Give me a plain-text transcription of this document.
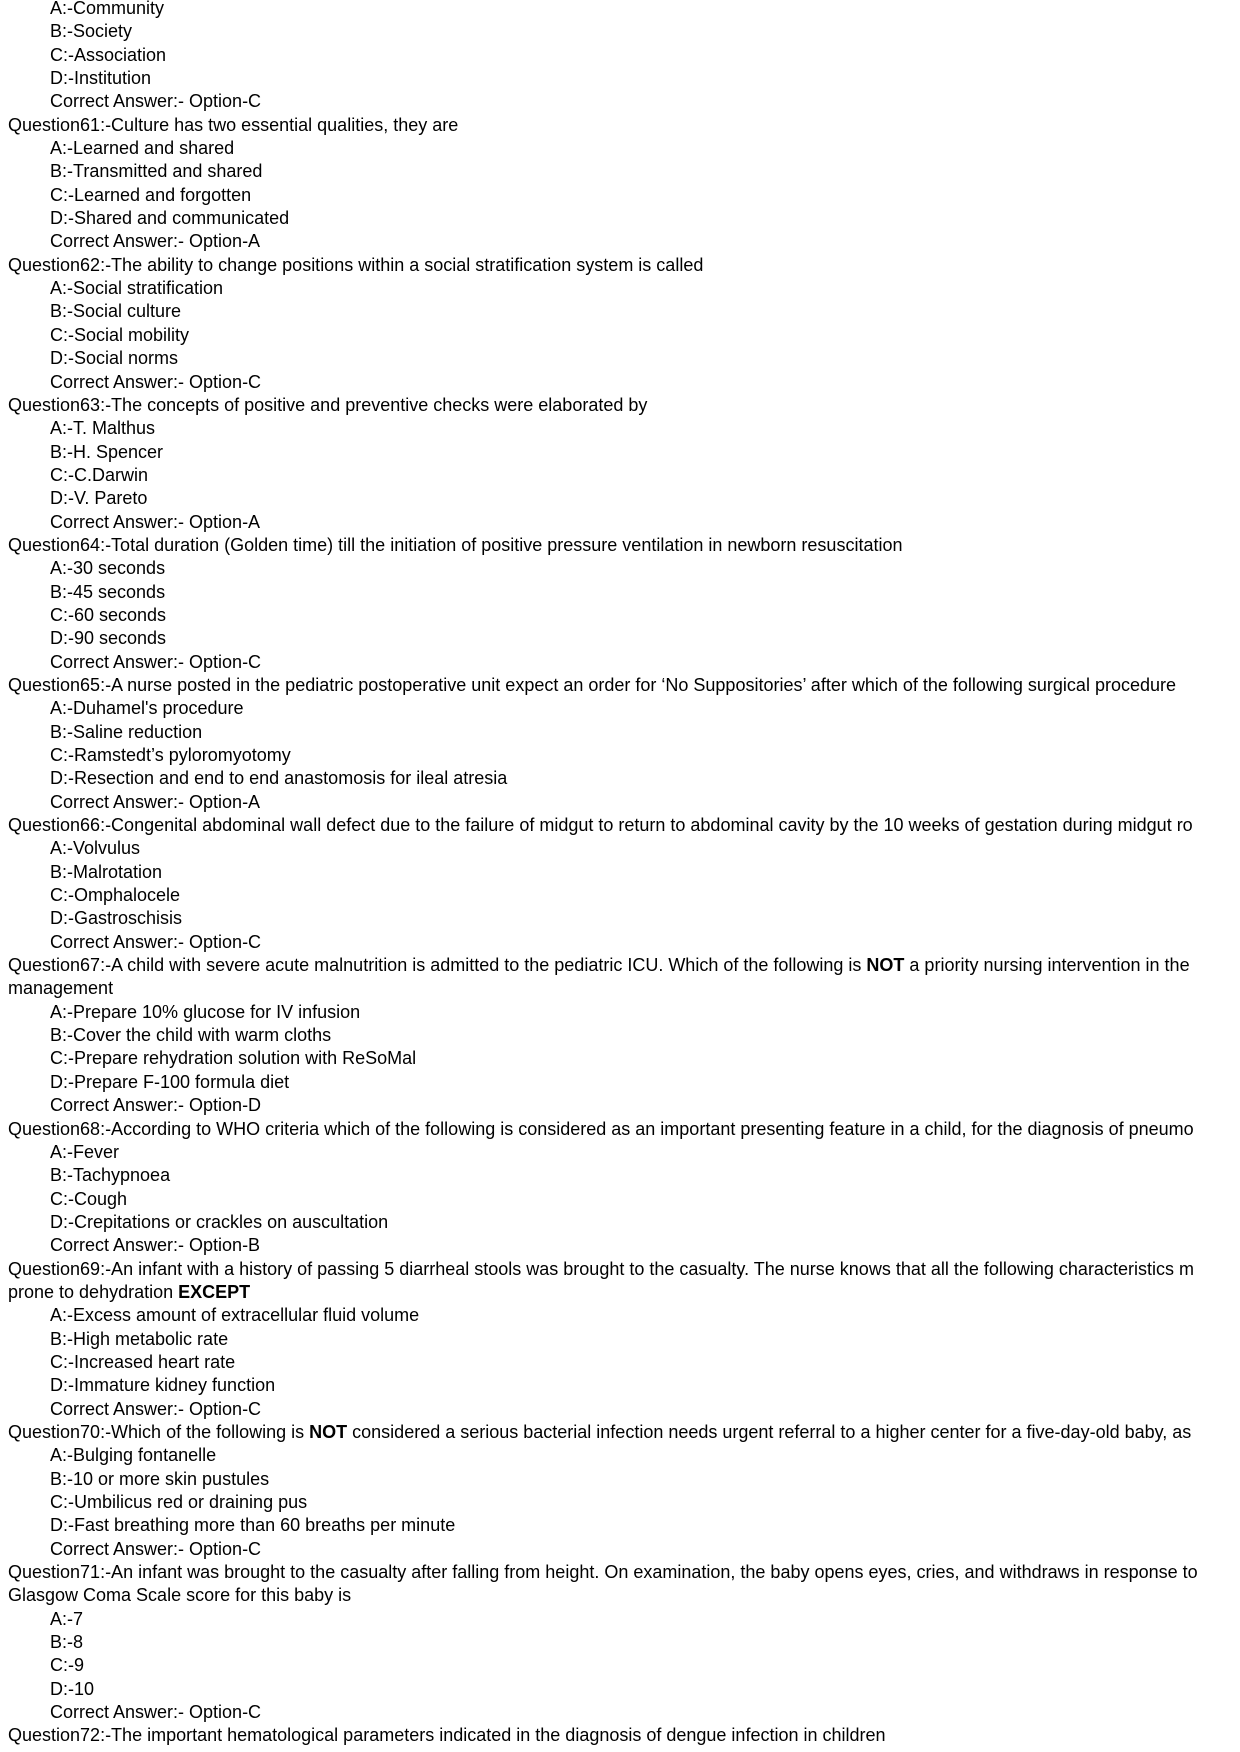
A:-Community
B:-Society
C:-Association
D:-Institution
Correct Answer:- Option-C
Question61:-Culture has two essential qualities, they are
A:-Learned and shared
B:-Transmitted and shared
C:-Learned and forgotten
D:-Shared and communicated
Correct Answer:- Option-A
Question62:-The ability to change positions within a social stratification system is called
A:-Social stratification
B:-Social culture
C:-Social mobility
D:-Social norms
Correct Answer:- Option-C
Question63:-The concepts of positive and preventive checks were elaborated by
A:-T. Malthus
B:-H. Spencer
C:-C.Darwin
D:-V. Pareto
Correct Answer:- Option-A
Question64:-Total duration (Golden time) till the initiation of positive pressure ventilation in newborn resuscitation
A:-30 seconds
B:-45 seconds
C:-60 seconds
D:-90 seconds
Correct Answer:- Option-C
Question65:-A nurse posted in the pediatric postoperative unit expect an order for ‘No Suppositories’ after which of the following surgical procedure
A:-Duhamel's procedure
B:-Saline reduction
C:-Ramstedt’s pyloromyotomy
D:-Resection and end to end anastomosis for ileal atresia
Correct Answer:- Option-A
Question66:-Congenital abdominal wall defect due to the failure of midgut to return to abdominal cavity by the 10 weeks of gestation during midgut ro
A:-Volvulus
B:-Malrotation
C:-Omphalocele
D:-Gastroschisis
Correct Answer:- Option-C
Question67:-A child with severe acute malnutrition is admitted to the pediatric ICU. Which of the following is NOT a priority nursing intervention in the
management
A:-Prepare 10% glucose for IV infusion
B:-Cover the child with warm cloths
C:-Prepare rehydration solution with ReSoMal
D:-Prepare F-100 formula diet
Correct Answer:- Option-D
Question68:-According to WHO criteria which of the following is considered as an important presenting feature in a child, for the diagnosis of pneumo
A:-Fever
B:-Tachypnoea
C:-Cough
D:-Crepitations or crackles on auscultation
Correct Answer:- Option-B
Question69:-An infant with a history of passing 5 diarrheal stools was brought to the casualty. The nurse knows that all the following characteristics m
prone to dehydration EXCEPT
A:-Excess amount of extracellular fluid volume
B:-High metabolic rate
C:-Increased heart rate
D:-Immature kidney function
Correct Answer:- Option-C
Question70:-Which of the following is NOT considered a serious bacterial infection needs urgent referral to a higher center for a five-day-old baby, as
A:-Bulging fontanelle
B:-10 or more skin pustules
C:-Umbilicus red or draining pus
D:-Fast breathing more than 60 breaths per minute
Correct Answer:- Option-C
Question71:-An infant was brought to the casualty after falling from height. On examination, the baby opens eyes, cries, and withdraws in response to
Glasgow Coma Scale score for this baby is
A:-7
B:-8
C:-9
D:-10
Correct Answer:- Option-C
Question72:-The important hematological parameters indicated in the diagnosis of dengue infection in children
